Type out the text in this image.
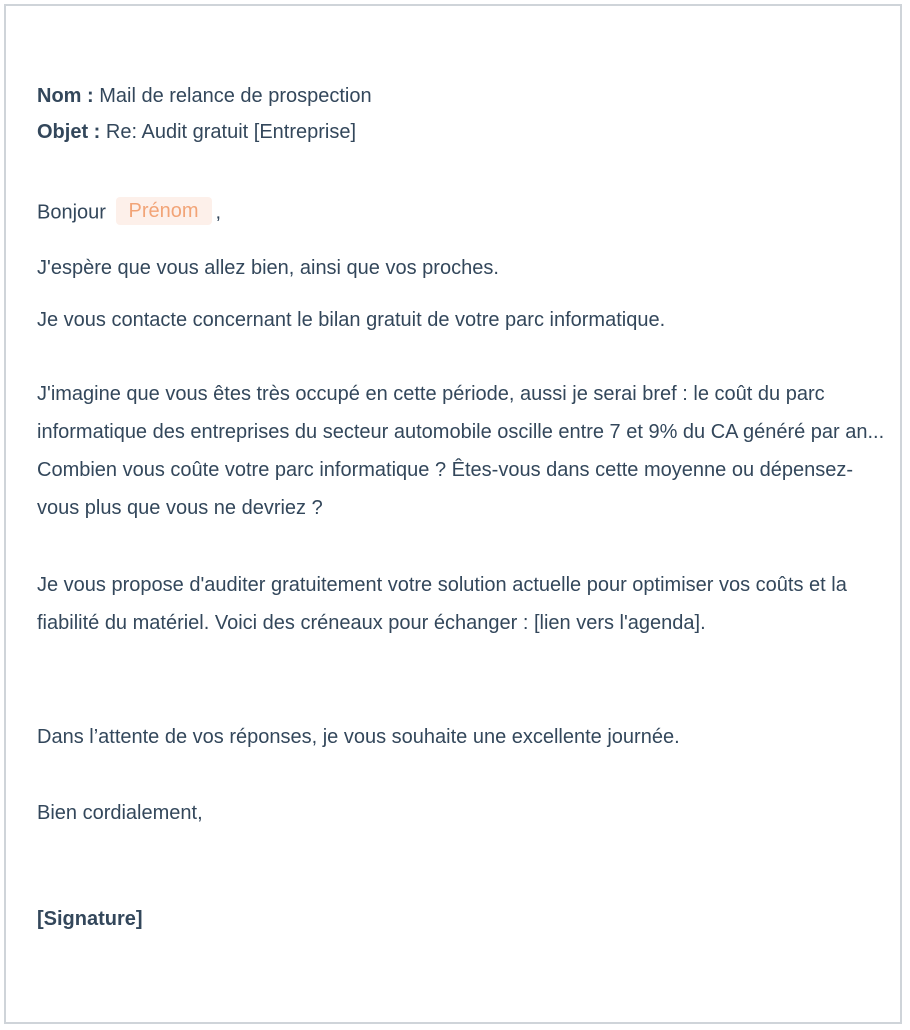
Nom : Mail de relance de prospection
Objet : Re: Audit gratuit [Entreprise]
Bonjour Prénom ,
J'espère que vous allez bien, ainsi que vos proches.
Je vous contacte concernant le bilan gratuit de votre parc informatique.
J'imagine que vous êtes très occupé en cette période, aussi je serai bref : le coût du parc informatique des entreprises du secteur automobile oscille entre 7 et 9% du CA généré par an... Combien vous coûte votre parc informatique ? Êtes-vous dans cette moyenne ou dépensez-vous plus que vous ne devriez ?
Je vous propose d'auditer gratuitement votre solution actuelle pour optimiser vos coûts et la fiabilité du matériel. Voici des créneaux pour échanger : [lien vers l'agenda].
Dans l’attente de vos réponses, je vous souhaite une excellente journée.
Bien cordialement,
[Signature]
